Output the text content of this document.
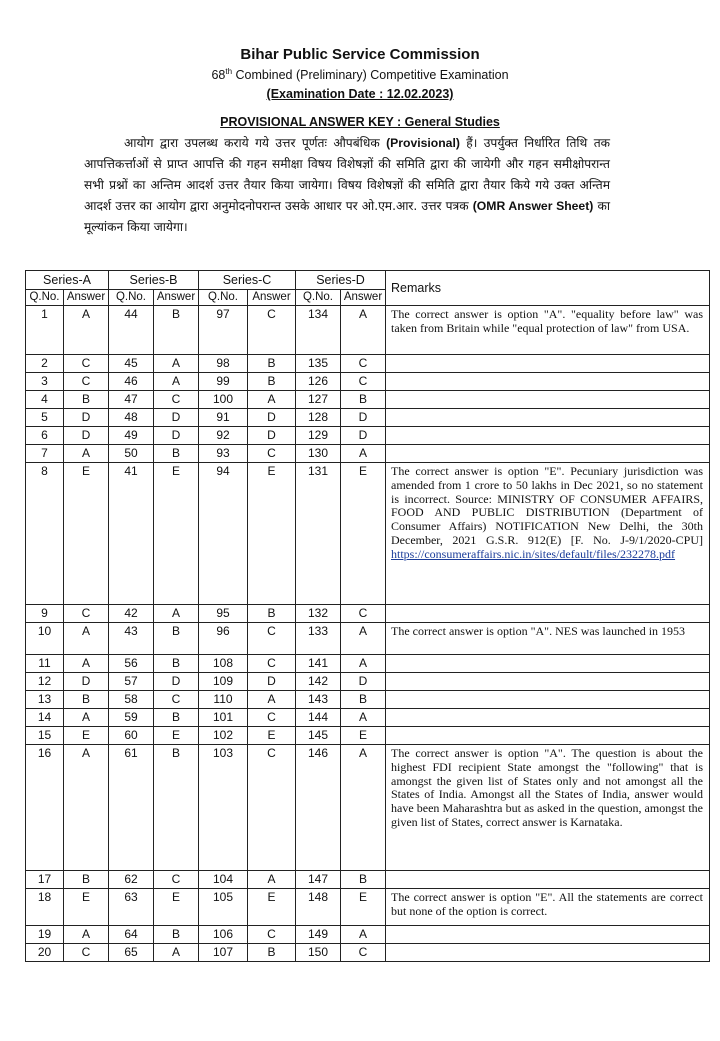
Bihar Public Service Commission
68th Combined (Preliminary) Competitive Examination
(Examination Date : 12.02.2023)
PROVISIONAL ANSWER KEY : General Studies
आयोग द्वारा उपलब्ध कराये गये उत्तर पूर्णतः औपबंधिक (Provisional) हैं। उपर्युक्त निर्धारित तिथि तक आपत्तिकर्त्ताओं से प्राप्त आपत्ति की गहन समीक्षा विषय विशेषज्ञों की समिति द्वारा की जायेगी और गहन समीक्षोपरान्त सभी प्रश्नों का अन्तिम आदर्श उत्तर तैयार किया जायेगा। विषय विशेषज्ञों की समिति द्वारा तैयार किये गये उक्त अन्तिम आदर्श उत्तर का आयोग द्वारा अनुमोदनोपरान्त उसके आधार पर ओ.एम.आर. उत्तर पत्रक (OMR Answer Sheet) का मूल्यांकन किया जायेगा।
Series-A		Series-B		Series-C		Series-D		Remarks
Q.No.	Answer	Q.No.	Answer	Q.No.	Answer	Q.No.	Answer	
1	A	44	B	97	C	134	A	The correct answer is option "A". "equality before law" was taken from Britain while "equal protection of law" from USA.
2	C	45	A	98	B	135	C	
3	C	46	A	99	B	126	C	
4	B	47	C	100	A	127	B	
5	D	48	D	91	D	128	D	
6	D	49	D	92	D	129	D	
7	A	50	B	93	C	130	A	
8	E	41	E	94	E	131	E	The correct answer is option "E". Pecuniary jurisdiction was amended from 1 crore to 50 lakhs in Dec 2021, so no statement is incorrect. Source: MINISTRY OF CONSUMER AFFAIRS, FOOD AND PUBLIC DISTRIBUTION (Department of Consumer Affairs) NOTIFICATION New Delhi, the 30th December, 2021 G.S.R. 912(E) [F. No. J-9/1/2020-CPU] https://consumeraffairs.nic.in/sites/default/files/232278.pdf
9	C	42	A	95	B	132	C	
10	A	43	B	96	C	133	A	The correct answer is option "A". NES was launched in 1953
11	A	56	B	108	C	141	A	
12	D	57	D	109	D	142	D	
13	B	58	C	110	A	143	B	
14	A	59	B	101	C	144	A	
15	E	60	E	102	E	145	E	
16	A	61	B	103	C	146	A	The correct answer is option "A". The question is about the highest FDI recipient State amongst the "following" that is amongst the given list of States only and not amongst all the States of India. Amongst all the States of India, answer would have been Maharashtra but as asked in the question, amongst the given list of States, correct answer is Karnataka.
17	B	62	C	104	A	147	B	
18	E	63	E	105	E	148	E	The correct answer is option "E". All the statements are correct but none of the option is correct.
19	A	64	B	106	C	149	A	
20	C	65	A	107	B	150	C	
